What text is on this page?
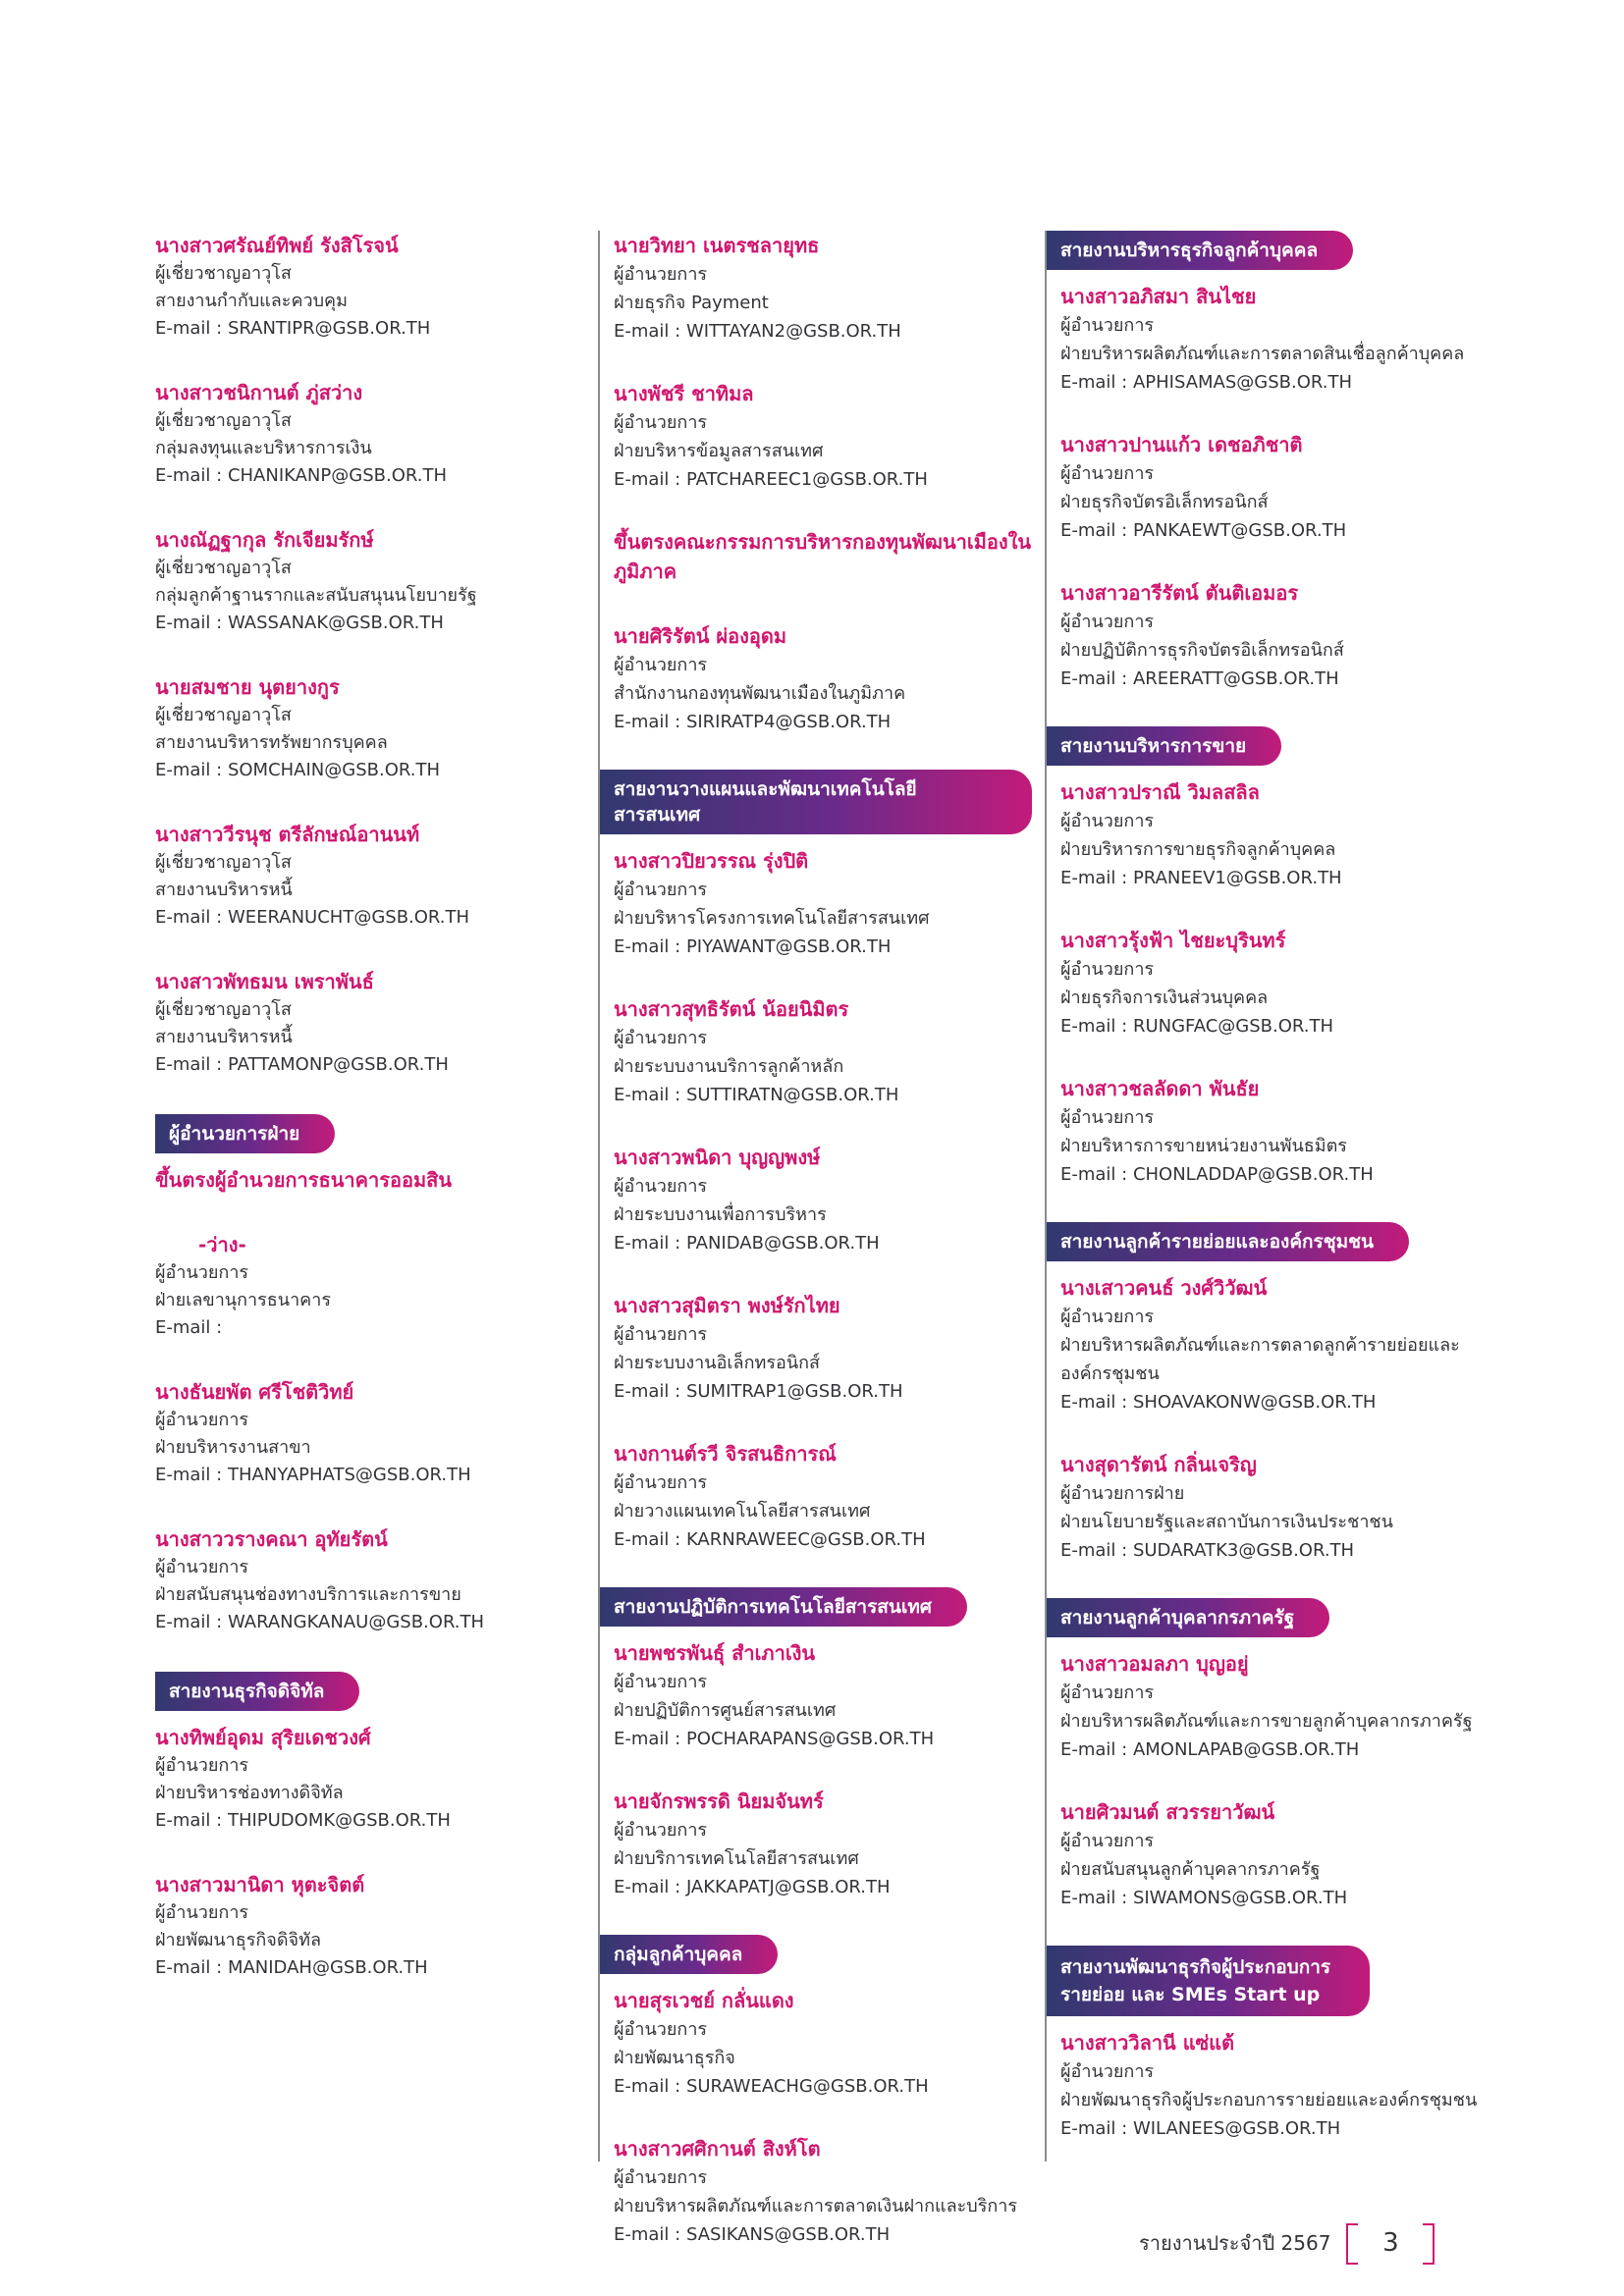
นางสาวศรัณย์ทิพย์ รังสิโรจน์
ผู้เชี่ยวชาญอาวุโส
สายงานกำกับและควบคุม
E-mail : SRANTIPR@GSB.OR.TH
นางสาวชนิกานต์ ภู่สว่าง
ผู้เชี่ยวชาญอาวุโส
กลุ่มลงทุนและบริหารการเงิน
E-mail : CHANIKANP@GSB.OR.TH
นางณัฏฐากุล รักเจียมรักษ์
ผู้เชี่ยวชาญอาวุโส
กลุ่มลูกค้าฐานรากและสนับสนุนนโยบายรัฐ
E-mail : WASSANAK@GSB.OR.TH
นายสมชาย นุตยางกูร
ผู้เชี่ยวชาญอาวุโส
สายงานบริหารทรัพยากรบุคคล
E-mail : SOMCHAIN@GSB.OR.TH
นางสาววีรนุช ตรีลักษณ์อานนท์
ผู้เชี่ยวชาญอาวุโส
สายงานบริหารหนี้
E-mail : WEERANUCHT@GSB.OR.TH
นางสาวพัทธมน เพราพันธ์
ผู้เชี่ยวชาญอาวุโส
สายงานบริหารหนี้
E-mail : PATTAMONP@GSB.OR.TH
ผู้อำนวยการฝ่าย
ขึ้นตรงผู้อำนวยการธนาคารออมสิน
-ว่าง-
ผู้อำนวยการ
ฝ่ายเลขานุการธนาคาร
E-mail :
นางธันยพัต ศรีโชติวิทย์
ผู้อำนวยการ
ฝ่ายบริหารงานสาขา
E-mail : THANYAPHATS@GSB.OR.TH
นางสาววรางคณา อุทัยรัตน์
ผู้อำนวยการ
ฝ่ายสนับสนุนช่องทางบริการและการขาย
E-mail : WARANGKANAU@GSB.OR.TH
สายงานธุรกิจดิจิทัล
นางทิพย์อุดม สุริยเดชวงศ์
ผู้อำนวยการ
ฝ่ายบริหารช่องทางดิจิทัล
E-mail : THIPUDOMK@GSB.OR.TH
นางสาวมานิดา หุตะจิตต์
ผู้อำนวยการ
ฝ่ายพัฒนาธุรกิจดิจิทัล
E-mail : MANIDAH@GSB.OR.TH
นายวิทยา เนตรชลายุทธ
ผู้อำนวยการ
ฝ่ายธุรกิจ Payment
E-mail : WITTAYAN2@GSB.OR.TH
นางพัชรี ชาทิมล
ผู้อำนวยการ
ฝ่ายบริหารข้อมูลสารสนเทศ
E-mail : PATCHAREEC1@GSB.OR.TH
ขึ้นตรงคณะกรรมการบริหารกองทุนพัฒนาเมืองในภูมิภาค
นายศิริรัตน์ ผ่องอุดม
ผู้อำนวยการ
สำนักงานกองทุนพัฒนาเมืองในภูมิภาค
E-mail : SIRIRATP4@GSB.OR.TH
สายงานวางแผนและพัฒนาเทคโนโลยีสารสนเทศ
นางสาวปิยวรรณ รุ่งปิติ
ผู้อำนวยการ
ฝ่ายบริหารโครงการเทคโนโลยีสารสนเทศ
E-mail : PIYAWANT@GSB.OR.TH
นางสาวสุทธิรัตน์ น้อยนิมิตร
ผู้อำนวยการ
ฝ่ายระบบงานบริการลูกค้าหลัก
E-mail : SUTTIRATN@GSB.OR.TH
นางสาวพนิดา บุญญพงษ์
ผู้อำนวยการ
ฝ่ายระบบงานเพื่อการบริหาร
E-mail : PANIDAB@GSB.OR.TH
นางสาวสุมิตรา พงษ์รักไทย
ผู้อำนวยการ
ฝ่ายระบบงานอิเล็กทรอนิกส์
E-mail : SUMITRAP1@GSB.OR.TH
นางกานต์รวี จิรสนธิการณ์
ผู้อำนวยการ
ฝ่ายวางแผนเทคโนโลยีสารสนเทศ
E-mail : KARNRAWEEC@GSB.OR.TH
สายงานปฏิบัติการเทคโนโลยีสารสนเทศ
นายพชรพันธุ์ สำเภาเงิน
ผู้อำนวยการ
ฝ่ายปฏิบัติการศูนย์สารสนเทศ
E-mail : POCHARAPANS@GSB.OR.TH
นายจักรพรรดิ นิยมจันทร์
ผู้อำนวยการ
ฝ่ายบริการเทคโนโลยีสารสนเทศ
E-mail : JAKKAPATJ@GSB.OR.TH
กลุ่มลูกค้าบุคคล
นายสุรเวชย์ กลั่นแดง
ผู้อำนวยการ
ฝ่ายพัฒนาธุรกิจ
E-mail : SURAWEACHG@GSB.OR.TH
นางสาวศศิกานต์ สิงห์โต
ผู้อำนวยการ
ฝ่ายบริหารผลิตภัณฑ์และการตลาดเงินฝากและบริการ
E-mail : SASIKANS@GSB.OR.TH
สายงานบริหารธุรกิจลูกค้าบุคคล
นางสาวอภิสมา สินไชย
ผู้อำนวยการ
ฝ่ายบริหารผลิตภัณฑ์และการตลาดสินเชื่อลูกค้าบุคคล
E-mail : APHISAMAS@GSB.OR.TH
นางสาวปานแก้ว เดชอภิชาติ
ผู้อำนวยการ
ฝ่ายธุรกิจบัตรอิเล็กทรอนิกส์
E-mail : PANKAEWT@GSB.OR.TH
นางสาวอารีรัตน์ ตันติเอมอร
ผู้อำนวยการ
ฝ่ายปฏิบัติการธุรกิจบัตรอิเล็กทรอนิกส์
E-mail : AREERATT@GSB.OR.TH
สายงานบริหารการขาย
นางสาวปราณี วิมลสลิล
ผู้อำนวยการ
ฝ่ายบริหารการขายธุรกิจลูกค้าบุคคล
E-mail : PRANEEV1@GSB.OR.TH
นางสาวรุ้งฟ้า ไชยะบุรินทร์
ผู้อำนวยการ
ฝ่ายธุรกิจการเงินส่วนบุคคล
E-mail : RUNGFAC@GSB.OR.TH
นางสาวชลลัดดา พันธัย
ผู้อำนวยการ
ฝ่ายบริหารการขายหน่วยงานพันธมิตร
E-mail : CHONLADDAP@GSB.OR.TH
สายงานลูกค้ารายย่อยและองค์กรชุมชน
นางเสาวคนธ์ วงศ์วิวัฒน์
ผู้อำนวยการ
ฝ่ายบริหารผลิตภัณฑ์และการตลาดลูกค้ารายย่อยและองค์กรชุมชน
E-mail : SHOAVAKONW@GSB.OR.TH
นางสุดารัตน์ กลิ่นเจริญ
ผู้อำนวยการฝ่าย
ฝ่ายนโยบายรัฐและสถาบันการเงินประชาชน
E-mail : SUDARATK3@GSB.OR.TH
สายงานลูกค้าบุคลากรภาครัฐ
นางสาวอมลภา บุญอยู่
ผู้อำนวยการ
ฝ่ายบริหารผลิตภัณฑ์และการขายลูกค้าบุคลากรภาครัฐ
E-mail : AMONLAPAB@GSB.OR.TH
นายศิวมนต์ สวรรยาวัฒน์
ผู้อำนวยการ
ฝ่ายสนับสนุนลูกค้าบุคลากรภาครัฐ
E-mail : SIWAMONS@GSB.OR.TH
สายงานพัฒนาธุรกิจผู้ประกอบการ
รายย่อย และ SMEs Start up
นางสาววิลานี แซ่แต้
ผู้อำนวยการ
ฝ่ายพัฒนาธุรกิจผู้ประกอบการรายย่อยและองค์กรชุมชน
E-mail : WILANEES@GSB.OR.TH
รายงานประจำปี 2567	3
